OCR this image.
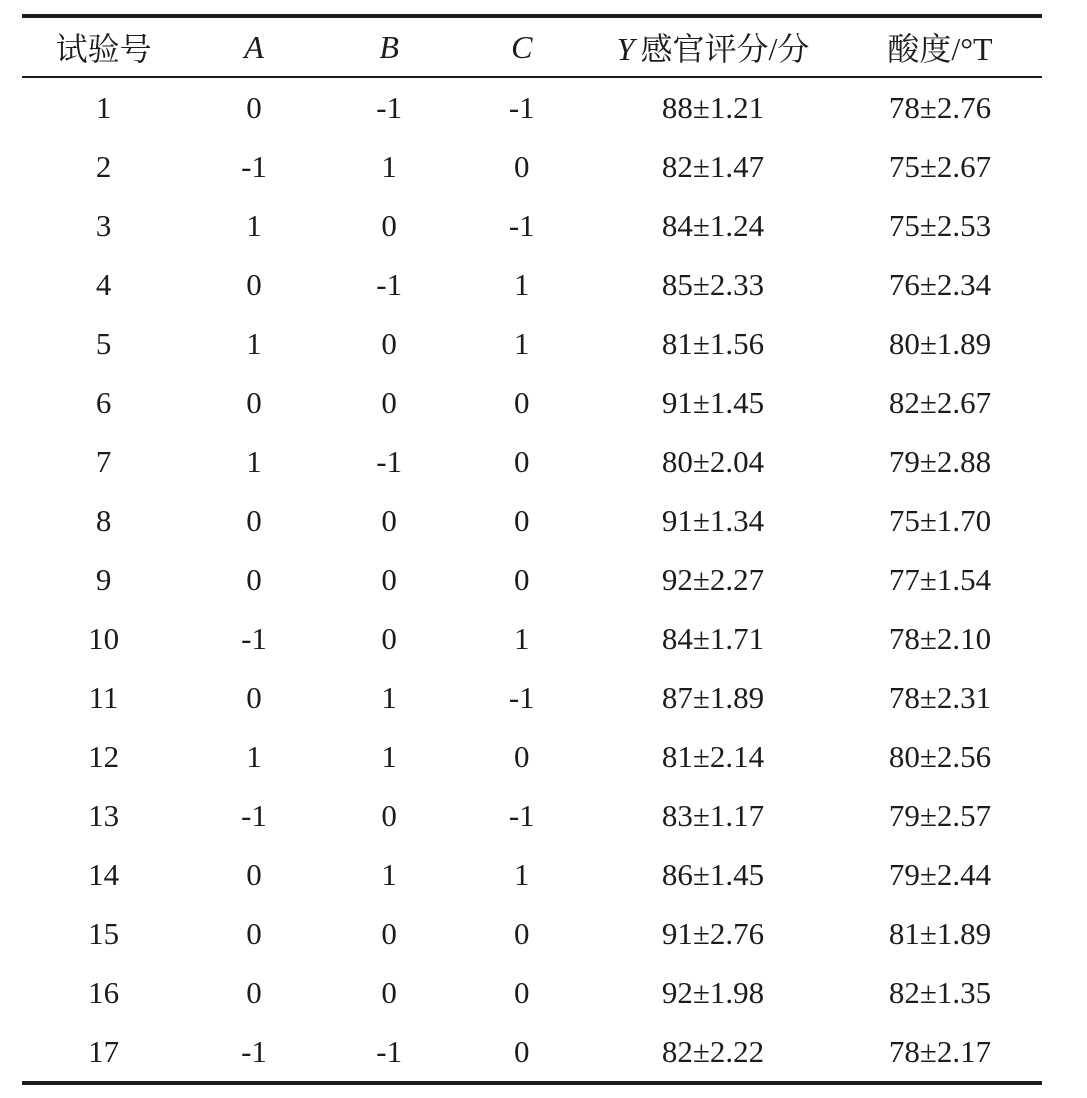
试验号	A	B	C	Y 感官评分/分	酸度/°T
1	0	-1	-1	88±1.21	78±2.76
2	-1	1	0	82±1.47	75±2.67
3	1	0	-1	84±1.24	75±2.53
4	0	-1	1	85±2.33	76±2.34
5	1	0	1	81±1.56	80±1.89
6	0	0	0	91±1.45	82±2.67
7	1	-1	0	80±2.04	79±2.88
8	0	0	0	91±1.34	75±1.70
9	0	0	0	92±2.27	77±1.54
10	-1	0	1	84±1.71	78±2.10
11	0	1	-1	87±1.89	78±2.31
12	1	1	0	81±2.14	80±2.56
13	-1	0	-1	83±1.17	79±2.57
14	0	1	1	86±1.45	79±2.44
15	0	0	0	91±2.76	81±1.89
16	0	0	0	92±1.98	82±1.35
17	-1	-1	0	82±2.22	78±2.17
